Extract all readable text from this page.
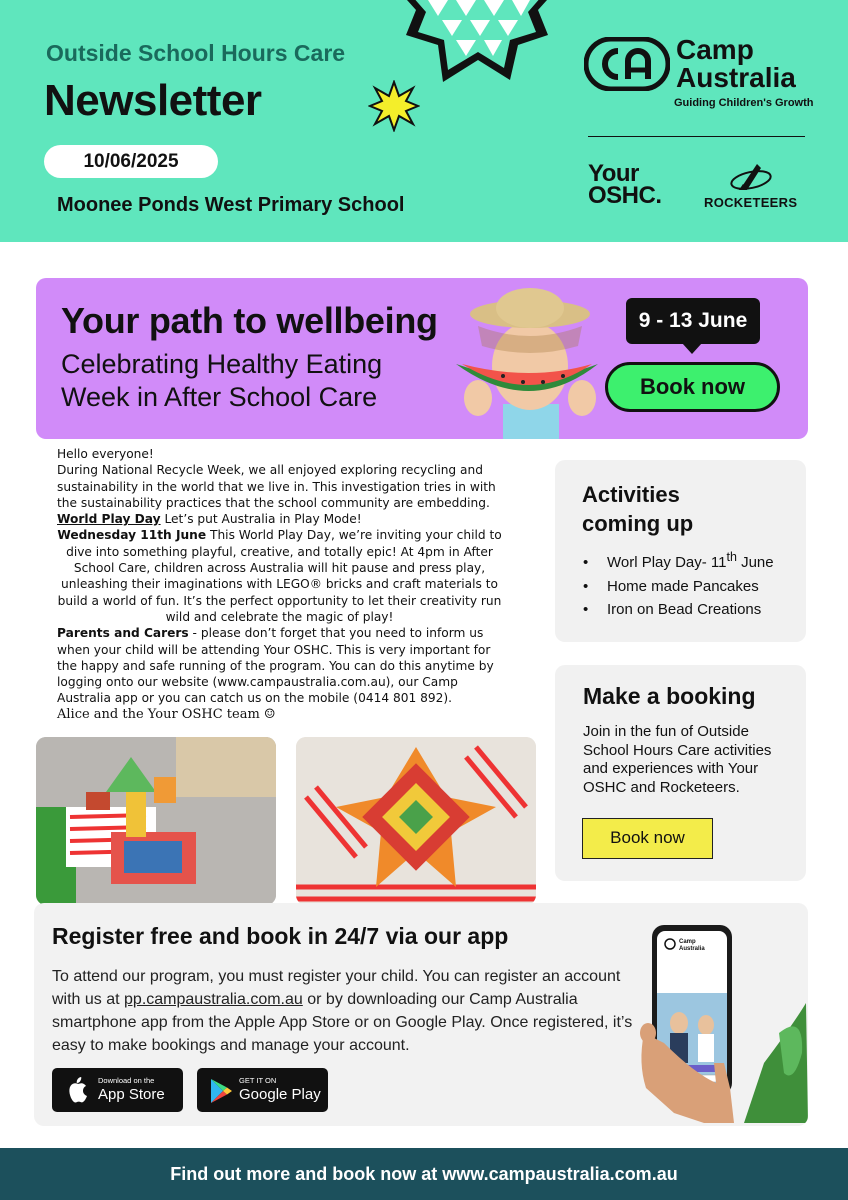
Outside School Hours Care
Newsletter
10/06/2025
Moonee Ponds West Primary School
Camp
Australia
Guiding Children's Growth
Your
OSHC.	ROCKETEERS
Your path to wellbeing
Celebrating Healthy Eating
Week in After School Care
9 - 13 June
Book now

Hello everyone!

During National Recycle Week, we all enjoyed exploring recycling and sustainability in the world that we live in. This investigation tries in with the sustainability practices that the school community are embedding.

World Play Day Let’s put Australia in Play Mode!

Wednesday 11th June This World Play Day, we’re inviting your child to dive into something playful, creative, and totally epic! At 4pm in After School Care, children across Australia will hit pause and press play, unleashing their imaginations with LEGO® bricks and craft materials to build a world of fun. It’s the perfect opportunity to let their creativity run wild and celebrate the magic of play!

Parents and Carers - please don’t forget that you need to inform us when your child will be attending Your OSHC. This is very important for the happy and safe running of the program. You can do this anytime by logging onto our website (www.campaustralia.com.au), our Camp Australia app or you can catch us on the mobile (0414 801 892).

Alice and the Your OSHC team ☺

Activities
coming up
• Worl Play Day- 11th June
• Home made Pancakes
• Iron on Bead Creations
Make a booking
Join in the fun of Outside School Hours Care activities and experiences with Your OSHC and Rocketeers.
Book now
Register free and book in 24/7 via our app
To attend our program, you must register your child. You can register an account with us at pp.campaustralia.com.au or by downloading our Camp Australia smartphone app from the Apple App Store or on Google Play. Once registered, it’s easy to make bookings and manage your account.
Download on the
App Store
GET IT ON
Google Play
Camp
Australia
Find out more and book now at www.campaustralia.com.au
